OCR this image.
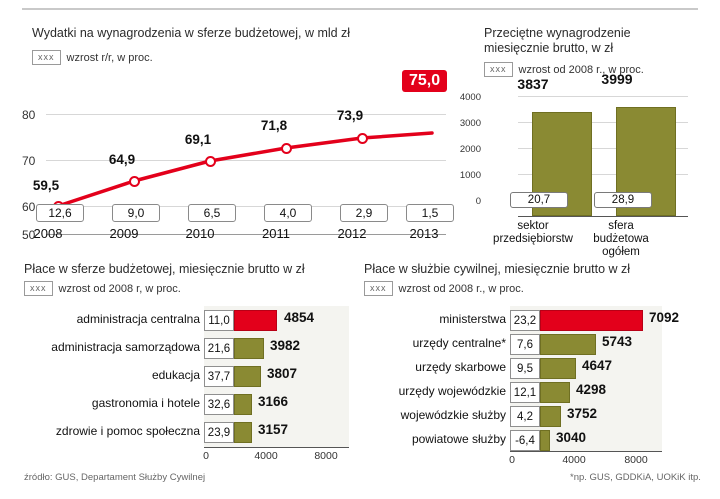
Wydatki na wynagrodzenia w sferze budżetowej, w mld zł
xxx	wzrost r/r, w proc.
80
70
60
50
59,5
64,9
69,1
71,8
73,9
75,0
12,6	9,0	6,5	4,0	2,9	1,5
2008	2009	2010	2011	2012	2013
Przeciętne wynagrodzenie miesięcznie brutto, w zł
xxx	wzrost od 2008 r., w proc.
4000
3000
2000
1000
0
3837	3999
20,7	28,9
sektor
przedsiębiorstw
sfera
budżetowa
ogółem
Płace w sferze budżetowej, miesięcznie brutto w zł
xxx	wzrost od 2008 r, w proc.
administracja centralna 11,0	4854
administracja samorządowa 21,6	3982
edukacja 37,7	3807
gastronomia i hotele 32,6 3166
zdrowie i pomoc społeczna 23,9 3157
0	4000	8000
Płace w służbie cywilnej, miesięcznie brutto w zł
xxx	wzrost od 2008 r., w proc.
ministerstwa 23,2	7092
urzędy centralne* 7,6	5743
urzędy skarbowe 9,5	4647
urzędy wojewódzkie 12,1	4298
wojewódzkie służby 4,2	3752
powiatowe służby -6,4	3040
0	4000	8000
źródło: GUS, Departament Służby Cywilnej	*np. GUS, GDDKiA, UOKiK itp.
